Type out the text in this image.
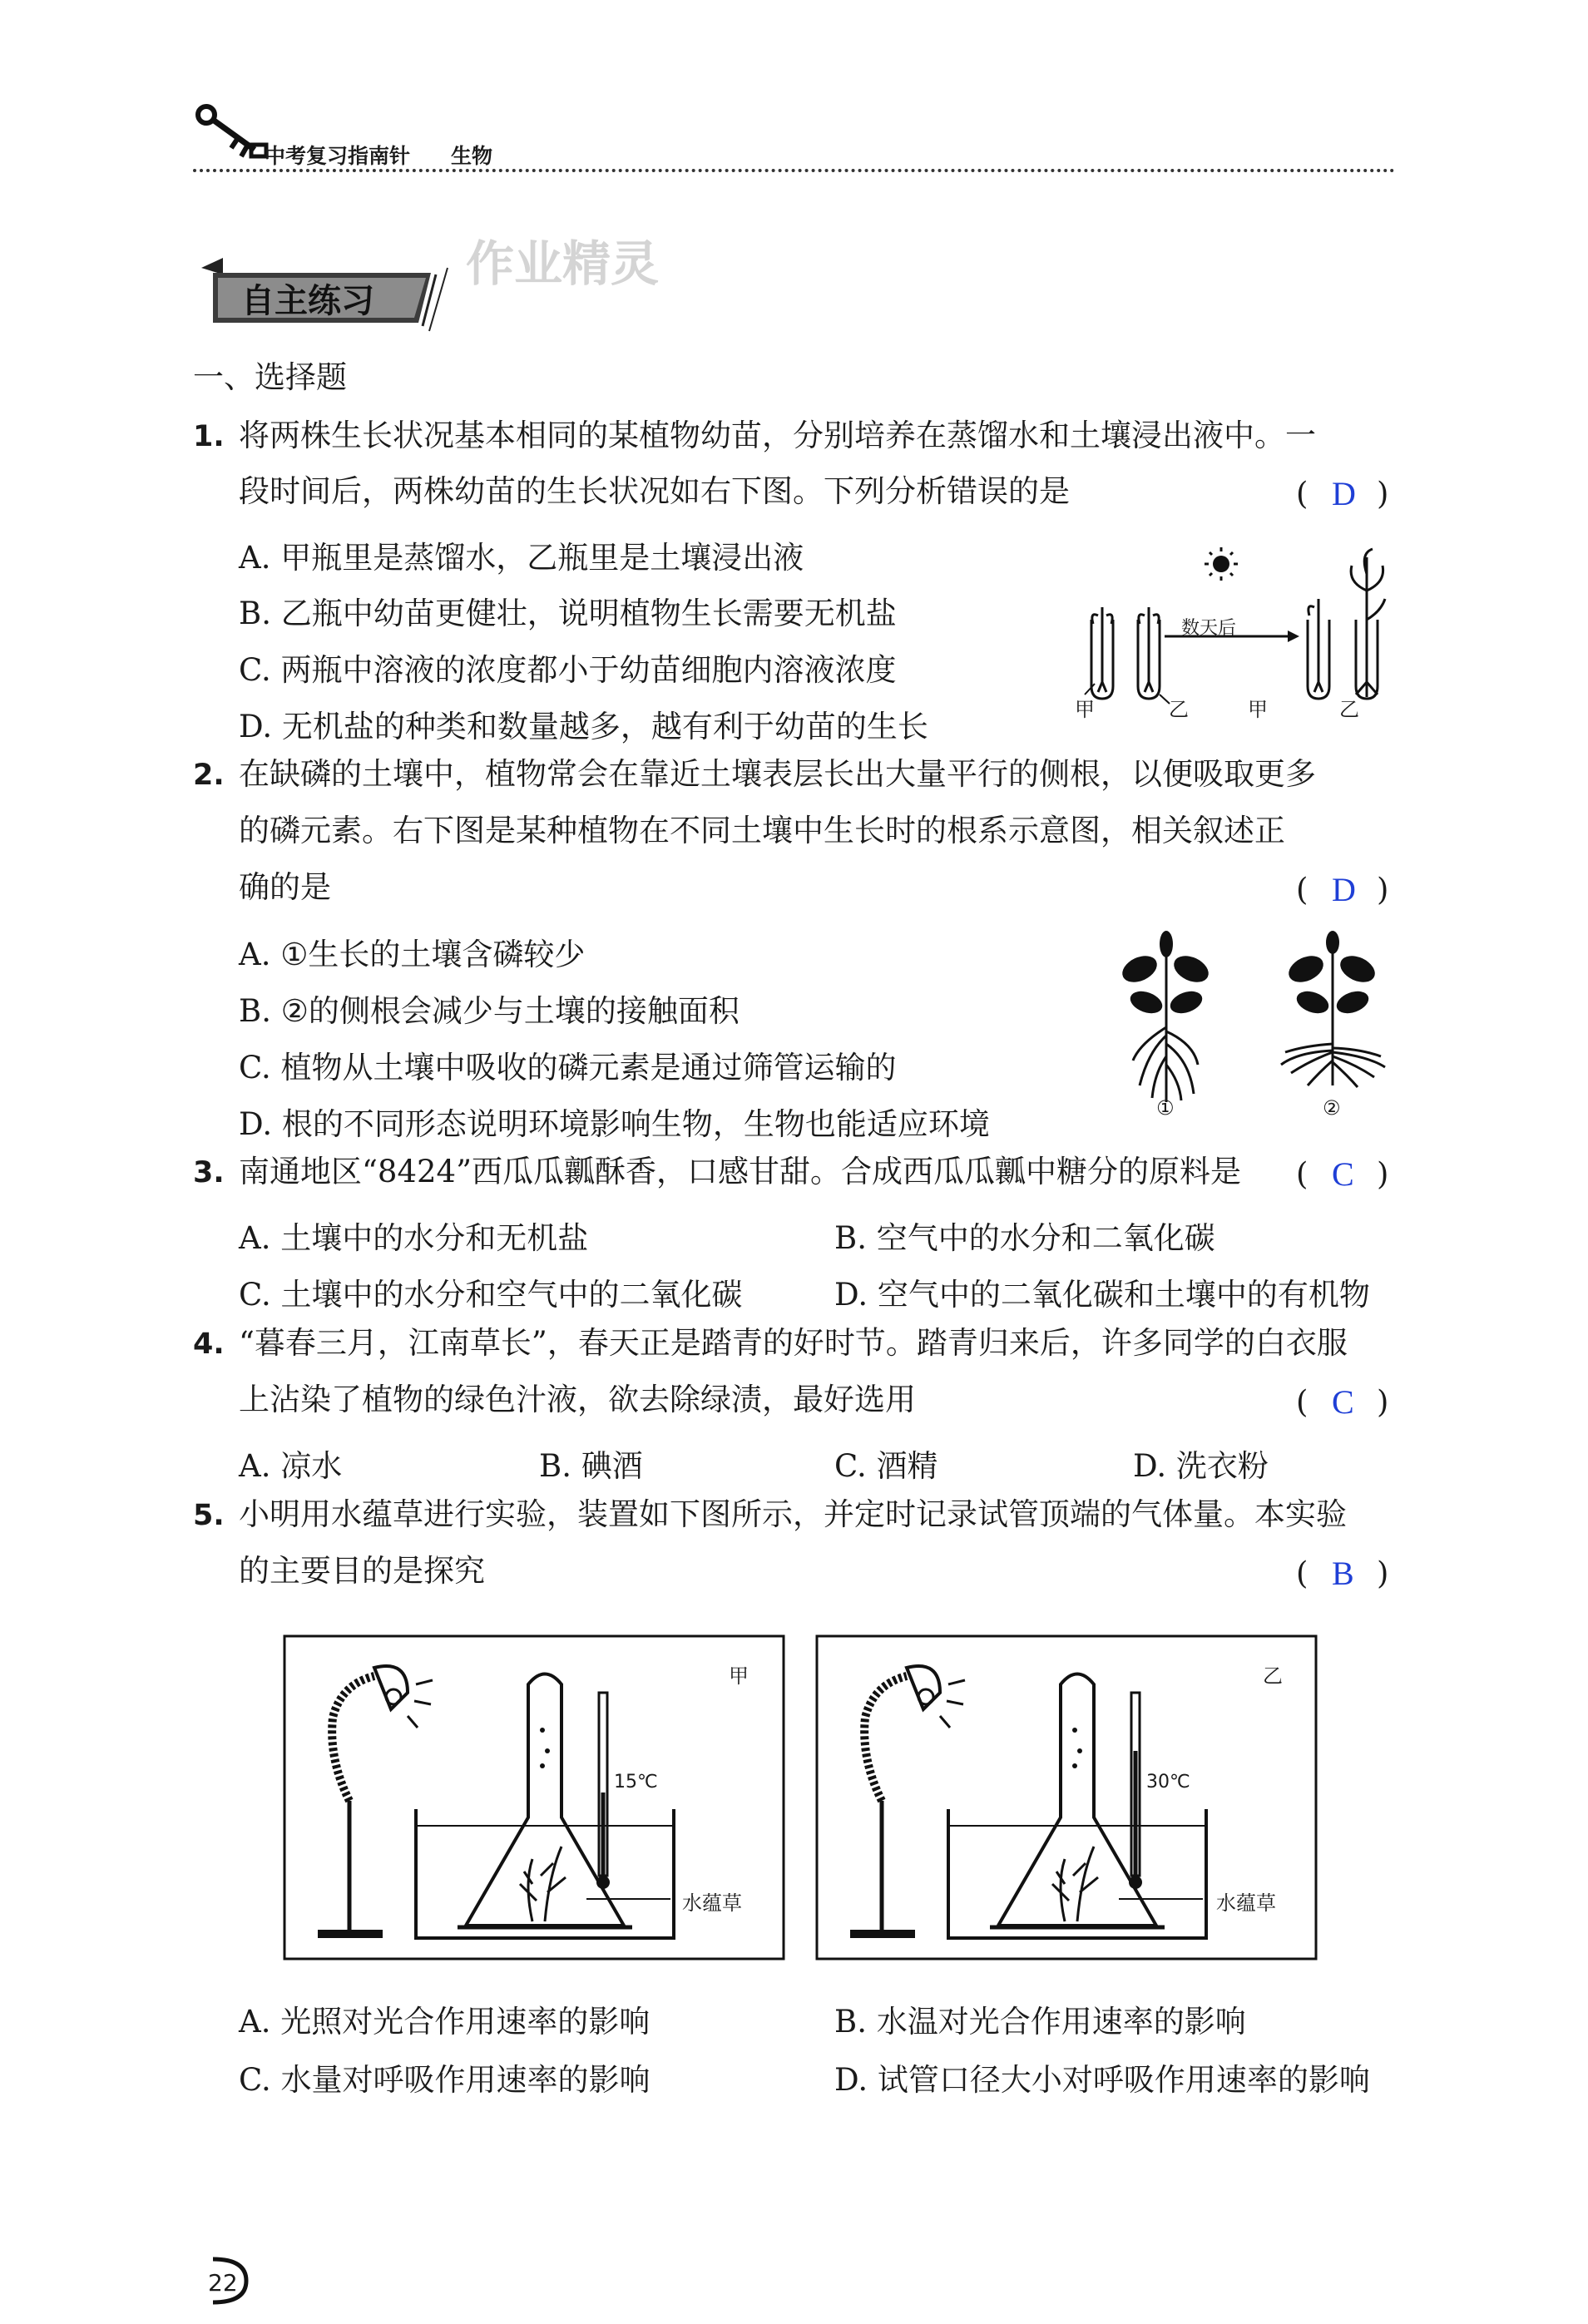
中考复习指南针 生物
自主练习
作业精灵
一、选择题
1. 将两株生长状况基本相同的某植物幼苗，分别培养在蒸馏水和土壤浸出液中。一
段时间后，两株幼苗的生长状况如右下图。下列分析错误的是	( D )
A. 甲瓶里是蒸馏水，乙瓶里是土壤浸出液
B. 乙瓶中幼苗更健壮，说明植物生长需要无机盐
C. 两瓶中溶液的浓度都小于幼苗细胞内溶液浓度
D. 无机盐的种类和数量越多，越有利于幼苗的生长
数天后
甲	乙	甲	乙
2. 在缺磷的土壤中，植物常会在靠近土壤表层长出大量平行的侧根，以便吸取更多
的磷元素。右下图是某种植物在不同土壤中生长时的根系示意图，相关叙述正
确的是	( D )
A. ①生长的土壤含磷较少
B. ②的侧根会减少与土壤的接触面积
C. 植物从土壤中吸收的磷元素是通过筛管运输的
D. 根的不同形态说明环境影响生物，生物也能适应环境	①	②
3. 南通地区“8424”西瓜瓜瓤酥香，口感甘甜。合成西瓜瓜瓤中糖分的原料是 ( C )
A. 土壤中的水分和无机盐	B. 空气中的水分和二氧化碳
C. 土壤中的水分和空气中的二氧化碳	D. 空气中的二氧化碳和土壤中的有机物
4. “暮春三月，江南草长”，春天正是踏青的好时节。踏青归来后，许多同学的白衣服
上沾染了植物的绿色汁液，欲去除绿渍，最好选用	( C )
A. 凉水	B. 碘酒	C. 酒精	D. 洗衣粉
5. 小明用水蕴草进行实验，装置如下图所示，并定时记录试管顶端的气体量。本实验
的主要目的是探究	( B )
甲
15℃
水蕴草
乙
30℃
水蕴草
A. 光照对光合作用速率的影响	B. 水温对光合作用速率的影响
C. 水量对呼吸作用速率的影响	D. 试管口径大小对呼吸作用速率的影响
22
